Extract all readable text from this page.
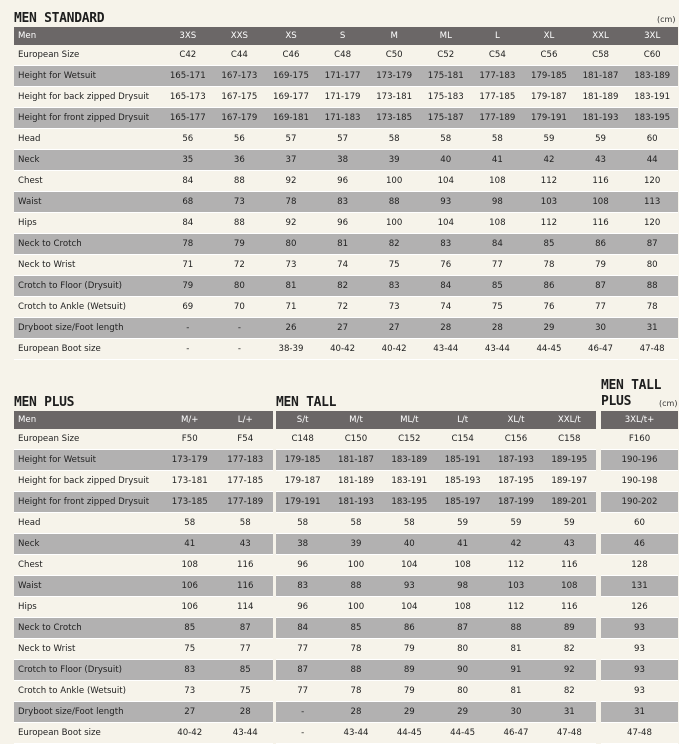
MEN STANDARD	(cm)
Men	3XS	XXS	XS	S	M	ML	L	XL	XXL	3XL
European Size	C42	C44	C46	C48	C50	C52	C54	C56	C58	C60
Height for Wetsuit	165-171	167-173	169-175	171-177	173-179	175-181	177-183	179-185	181-187	183-189
Height for back zipped Drysuit	165-173	167-175	169-177	171-179	173-181	175-183	177-185	179-187	181-189	183-191
Height for front zipped Drysuit	165-177	167-179	169-181	171-183	173-185	175-187	177-189	179-191	181-193	183-195
Head	56	56	57	57	58	58	58	59	59	60
Neck	35	36	37	38	39	40	41	42	43	44
Chest	84	88	92	96	100	104	108	112	116	120
Waist	68	73	78	83	88	93	98	103	108	113
Hips	84	88	92	96	100	104	108	112	116	120
Neck to Crotch	78	79	80	81	82	83	84	85	86	87
Neck to Wrist	71	72	73	74	75	76	77	78	79	80
Crotch to Floor (Drysuit)	79	80	81	82	83	84	85	86	87	88
Crotch to Ankle (Wetsuit)	69	70	71	72	73	74	75	76	77	78
Dryboot size/Foot length	-	-	26	27	27	28	28	29	30	31
European Boot size	-	-	38-39	40-42	40-42	43-44	43-44	44-45	46-47	47-48
MEN PLUS
Men	M/+	L/+
European Size	F50	F54
Height for Wetsuit	173-179	177-183
Height for back zipped Drysuit	173-181	177-185
Height for front zipped Drysuit	173-185	177-189
Head	58	58
Neck	41	43
Chest	108	116
Waist	106	116
Hips	106	114
Neck to Crotch	85	87
Neck to Wrist	75	77
Crotch to Floor (Drysuit)	83	85
Crotch to Ankle (Wetsuit)	73	75
Dryboot size/Foot length	27	28
European Boot size	40-42	43-44
MEN TALL
S/t	M/t	ML/t	L/t	XL/t	XXL/t
C148	C150	C152	C154	C156	C158
179-185	181-187	183-189	185-191	187-193	189-195
179-187	181-189	183-191	185-193	187-195	189-197
179-191	181-193	183-195	185-197	187-199	189-201
58	58	58	59	59	59
38	39	40	41	42	43
96	100	104	108	112	116
83	88	93	98	103	108
96	100	104	108	112	116
84	85	86	87	88	89
77	78	79	80	81	82
87	88	89	90	91	92
77	78	79	80	81	82
-	28	29	29	30	31
-	43-44	44-45	44-45	46-47	47-48
MEN TALL
PLUS	(cm)
3XL/t+
F160
190-196
190-198
190-202
60
46
128
131
126
93
93
93
93
31
47-48
